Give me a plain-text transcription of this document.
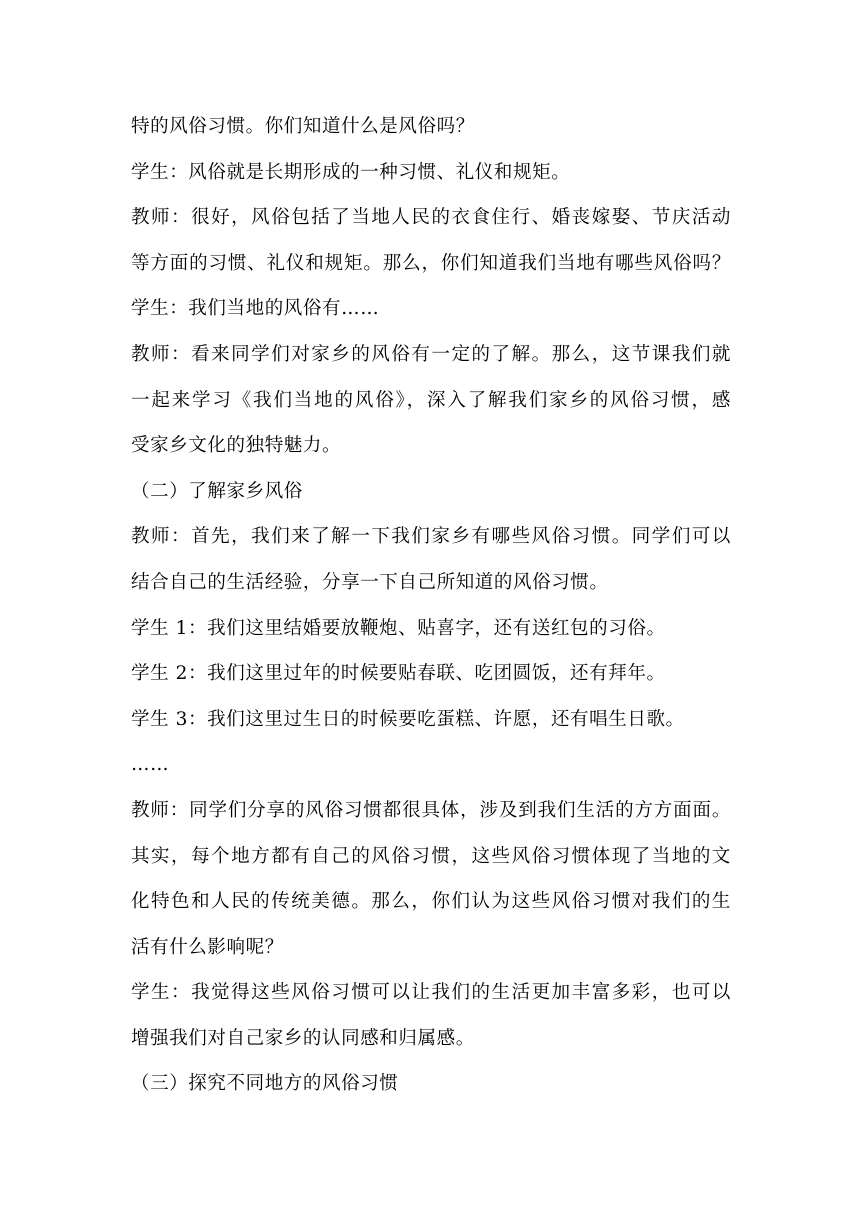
特的风俗习惯。你们知道什么是风俗吗？
学生：风俗就是长期形成的一种习惯、礼仪和规矩。
教师：很好，风俗包括了当地人民的衣食住行、婚丧嫁娶、节庆活动
等方面的习惯、礼仪和规矩。那么，你们知道我们当地有哪些风俗吗？
学生：我们当地的风俗有……
教师：看来同学们对家乡的风俗有一定的了解。那么，这节课我们就
一起来学习《我们当地的风俗》，深入了解我们家乡的风俗习惯，感
受家乡文化的独特魅力。
（二）了解家乡风俗
教师：首先，我们来了解一下我们家乡有哪些风俗习惯。同学们可以
结合自己的生活经验，分享一下自己所知道的风俗习惯。
学生 1：我们这里结婚要放鞭炮、贴喜字，还有送红包的习俗。
学生 2：我们这里过年的时候要贴春联、吃团圆饭，还有拜年。
学生 3：我们这里过生日的时候要吃蛋糕、许愿，还有唱生日歌。
……
教师：同学们分享的风俗习惯都很具体，涉及到我们生活的方方面面。
其实，每个地方都有自己的风俗习惯，这些风俗习惯体现了当地的文
化特色和人民的传统美德。那么，你们认为这些风俗习惯对我们的生
活有什么影响呢？
学生：我觉得这些风俗习惯可以让我们的生活更加丰富多彩，也可以
增强我们对自己家乡的认同感和归属感。
（三）探究不同地方的风俗习惯
